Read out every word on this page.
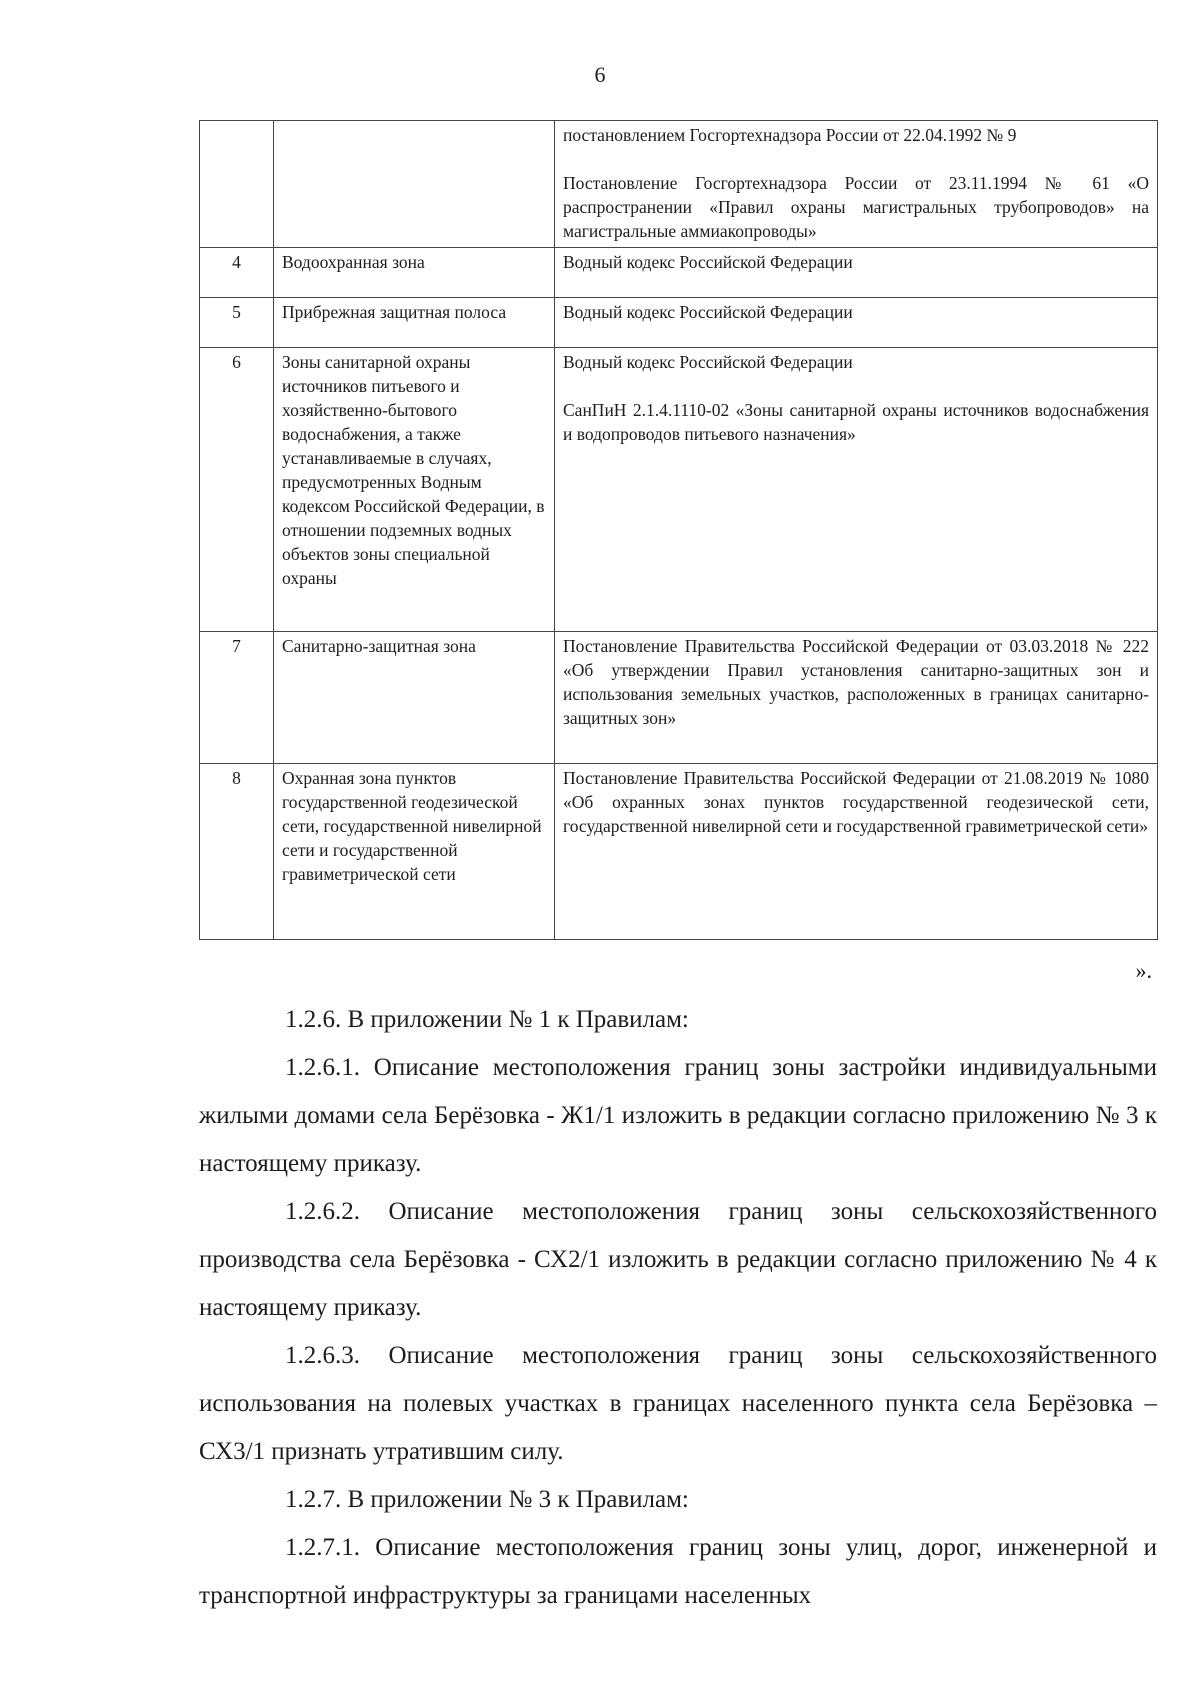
6

		постановлением Госгортехнадзора России от 22.04.1992 № 9

Постановление Госгортехнадзора России от 23.11.1994 № 61 «О распространении «Правил охраны магистральных трубопроводов» на магистральные аммиакопроводы»

4	Водоохранная зона	Водный кодекс Российской Федерации

5	Прибрежная защитная полоса	Водный кодекс Российской Федерации

6	Зоны санитарной охраны источников питьевого и хозяйственно-бытового водоснабжения, а также устанавливаемые в случаях, предусмотренных Водным кодексом Российской Федерации, в отношении подземных водных объектов зоны специальной охраны	Водный кодекс Российской Федерации

СанПиН 2.1.4.1110-02 «Зоны санитарной охраны источников водоснабжения и водопроводов питьевого назначения»

7	Санитарно-защитная зона	Постановление Правительства Российской Федерации от 03.03.2018 № 222 «Об утверждении Правил установления санитарно-защитных зон и использования земельных участков, расположенных в границах санитарно-защитных зон»

8	Охранная зона пунктов государственной геодезической сети, государственной нивелирной сети и государственной гравиметрической сети	Постановление Правительства Российской Федерации от 21.08.2019 № 1080 «Об охранных зонах пунктов государственной геодезической сети, государственной нивелирной сети и государственной гравиметрической сети»

».

1.2.6. В приложении № 1 к Правилам:

1.2.6.1. Описание местоположения границ зоны застройки индивидуальными жилыми домами села Берёзовка - Ж1/1 изложить в редакции согласно приложению № 3 к настоящему приказу.

1.2.6.2. Описание местоположения границ зоны сельскохозяйственного производства села Берёзовка - СХ2/1 изложить в редакции согласно приложению № 4 к настоящему приказу.

1.2.6.3. Описание местоположения границ зоны сельскохозяйственного использования на полевых участках в границах населенного пункта села Берёзовка – СХ3/1 признать утратившим силу.

1.2.7. В приложении № 3 к Правилам:

1.2.7.1. Описание местоположения границ зоны улиц, дорог, инженерной и транспортной инфраструктуры за границами населенных
